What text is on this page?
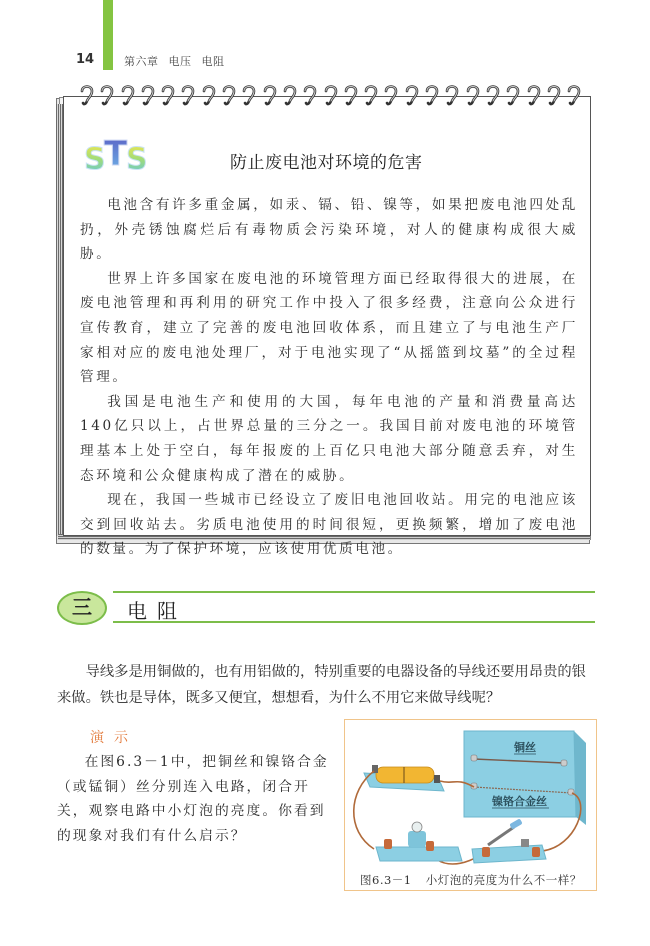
14	第六章 电压 电阻
S
T
S	防止废电池对环境的危害

电池含有许多重金属，如汞、镉、铅、镍等，如果把废电池四处乱扔，外壳锈蚀腐烂后有毒物质会污染环境，对人的健康构成很大威胁。

世界上许多国家在废电池的环境管理方面已经取得很大的进展，在废电池管理和再利用的研究工作中投入了很多经费，注意向公众进行宣传教育，建立了完善的废电池回收体系，而且建立了与电池生产厂家相对应的废电池处理厂，对于电池实现了“从摇篮到坟墓”的全过程管理。

我国是电池生产和使用的大国，每年电池的产量和消费量高达140亿只以上，占世界总量的三分之一。我国目前对废电池的环境管理基本上处于空白，每年报废的上百亿只电池大部分随意丢弃，对生态环境和公众健康构成了潜在的威胁。

现在，我国一些城市已经设立了废旧电池回收站。用完的电池应该交到回收站去。劣质电池使用的时间很短，更换频繁，增加了废电池的数量。为了保护环境，应该使用优质电池。

三	电阻

导线多是用铜做的，也有用铝做的，特别重要的电器设备的导线还要用昂贵的银来做。铁也是导体，既多又便宜，想想看，为什么不用它来做导线呢？

演示

在图6.3－1中，把铜丝和镍铬合金（或锰铜）丝分别连入电路，闭合开关，观察电路中小灯泡的亮度。你看到的现象对我们有什么启示？

铜丝
镍铬合金丝
图6.3－1 小灯泡的亮度为什么不一样？
